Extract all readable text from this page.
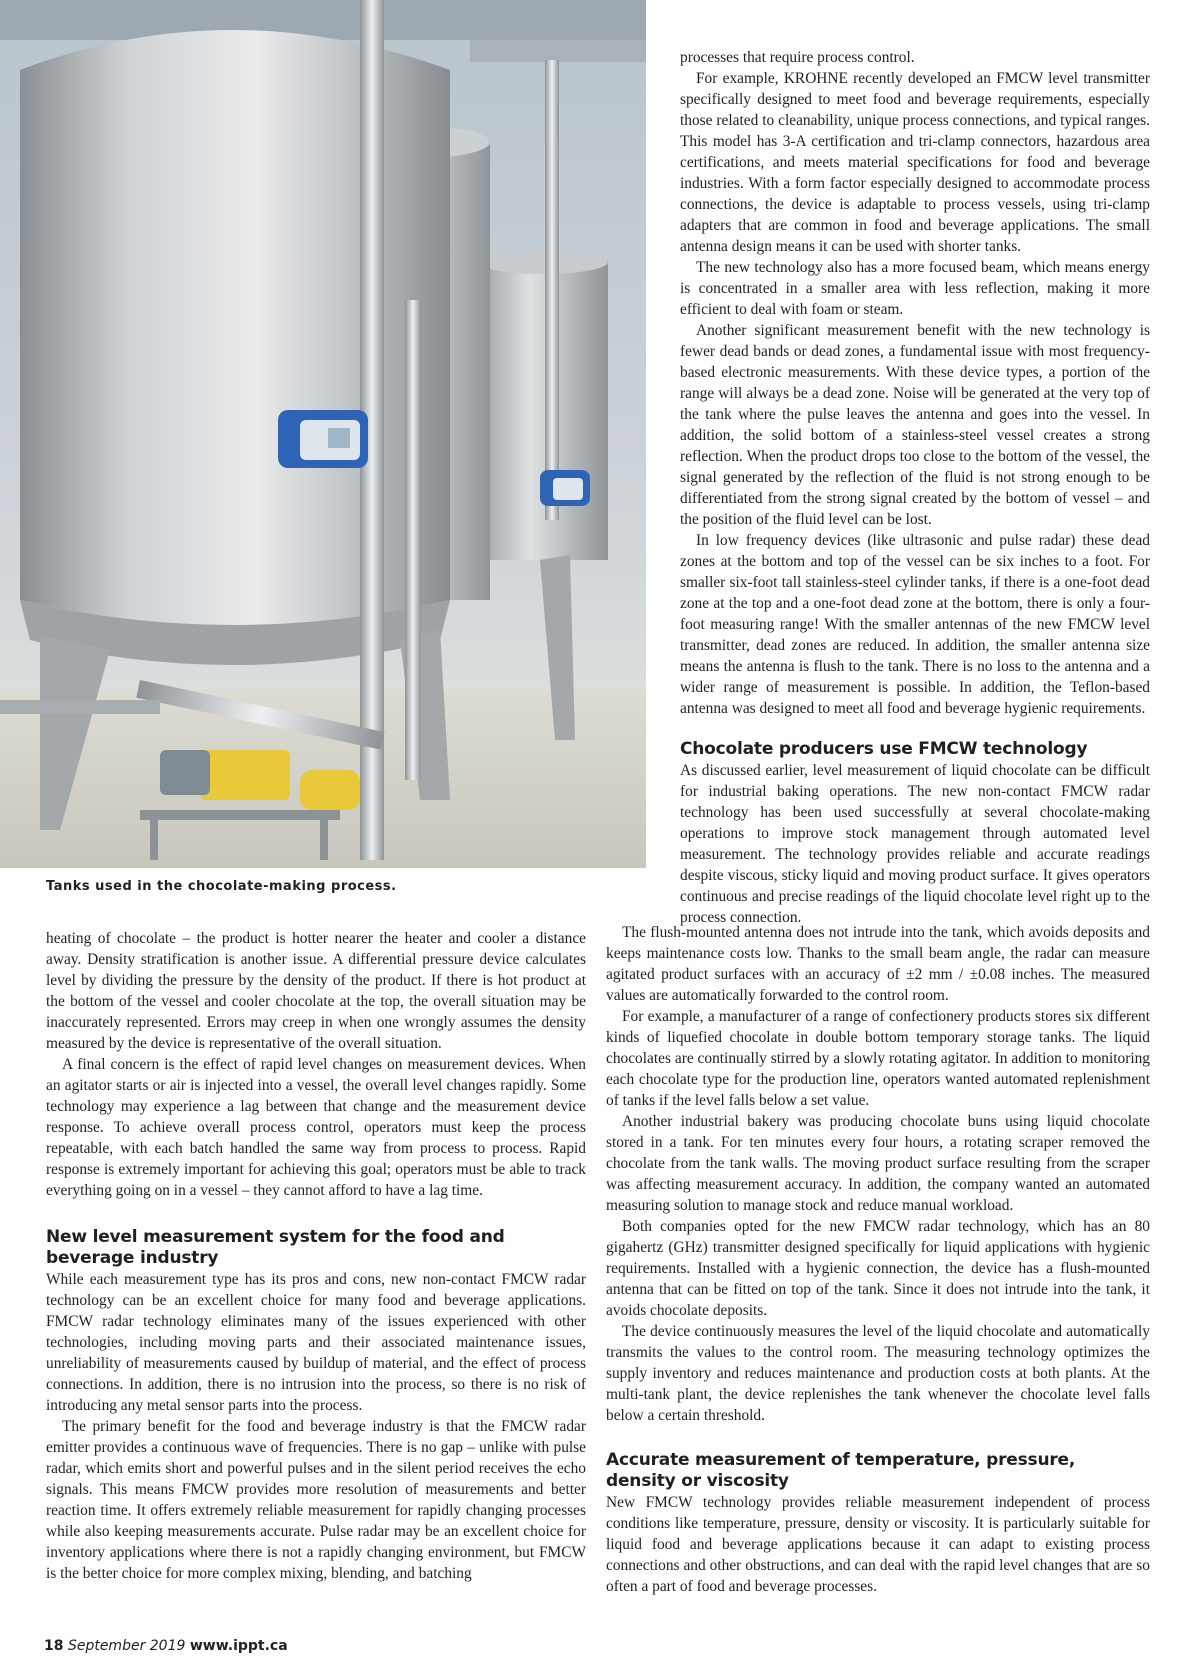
Tanks used in the chocolate-making process.

processes that require process control.

For example, KROHNE recently developed an FMCW level transmitter specifically designed to meet food and beverage requirements, especially those related to cleanability, unique process connections, and typical ranges. This model has 3-A certification and tri-clamp connectors, hazardous area certifications, and meets material specifications for food and beverage industries. With a form factor especially designed to accommodate process connections, the device is adaptable to process vessels, using tri-clamp adapters that are common in food and beverage applications. The small antenna design means it can be used with shorter tanks.

The new technology also has a more focused beam, which means energy is concentrated in a smaller area with less reflection, making it more efficient to deal with foam or steam.

Another significant measurement benefit with the new technology is fewer dead bands or dead zones, a fundamental issue with most frequency-based electronic measurements. With these device types, a portion of the range will always be a dead zone. Noise will be generated at the very top of the tank where the pulse leaves the antenna and goes into the vessel. In addition, the solid bottom of a stainless-steel vessel creates a strong reflection. When the product drops too close to the bottom of the vessel, the signal generated by the reflection of the fluid is not strong enough to be differentiated from the strong signal created by the bottom of vessel – and the position of the fluid level can be lost.

In low frequency devices (like ultrasonic and pulse radar) these dead zones at the bottom and top of the vessel can be six inches to a foot. For smaller six-foot tall stainless-steel cylinder tanks, if there is a one-foot dead zone at the top and a one-foot dead zone at the bottom, there is only a four-foot measuring range! With the smaller antennas of the new FMCW level transmitter, dead zones are reduced. In addition, the smaller antenna size means the antenna is flush to the tank. There is no loss to the antenna and a wider range of measurement is possible. In addition, the Teflon-based antenna was designed to meet all food and beverage hygienic requirements.

Chocolate producers use FMCW technology

As discussed earlier, level measurement of liquid chocolate can be difficult for industrial baking operations. The new non-contact FMCW radar technology has been used successfully at several chocolate-making operations to improve stock management through automated level measurement. The technology provides reliable and accurate readings despite viscous, sticky liquid and moving product surface. It gives operators continuous and precise readings of the liquid chocolate level right up to the process connection.

heating of chocolate – the product is hotter nearer the heater and cooler a distance away. Density stratification is another issue. A differential pressure device calculates level by dividing the pressure by the density of the product. If there is hot product at the bottom of the vessel and cooler chocolate at the top, the overall situation may be inaccurately represented. Errors may creep in when one wrongly assumes the density measured by the device is representative of the overall situation.

A final concern is the effect of rapid level changes on measurement devices. When an agitator starts or air is injected into a vessel, the overall level changes rapidly. Some technology may experience a lag between that change and the measurement device response. To achieve overall process control, operators must keep the process repeatable, with each batch handled the same way from process to process. Rapid response is extremely important for achieving this goal; operators must be able to track everything going on in a vessel – they cannot afford to have a lag time.

New level measurement system for the food and beverage industry

While each measurement type has its pros and cons, new non-contact FMCW radar technology can be an excellent choice for many food and beverage applications. FMCW radar technology eliminates many of the issues experienced with other technologies, including moving parts and their associated maintenance issues, unreliability of measurements caused by buildup of material, and the effect of process connections. In addition, there is no intrusion into the process, so there is no risk of introducing any metal sensor parts into the process.

The primary benefit for the food and beverage industry is that the FMCW radar emitter provides a continuous wave of frequencies. There is no gap – unlike with pulse radar, which emits short and powerful pulses and in the silent period receives the echo signals. This means FMCW provides more resolution of measurements and better reaction time. It offers extremely reliable measurement for rapidly changing processes while also keeping measurements accurate. Pulse radar may be an excellent choice for inventory applications where there is not a rapidly changing environment, but FMCW is the better choice for more complex mixing, blending, and batching

The flush-mounted antenna does not intrude into the tank, which avoids deposits and keeps maintenance costs low. Thanks to the small beam angle, the radar can measure agitated product surfaces with an accuracy of ±2 mm / ±0.08 inches. The measured values are automatically forwarded to the control room.

For example, a manufacturer of a range of confectionery products stores six different kinds of liquefied chocolate in double bottom temporary storage tanks. The liquid chocolates are continually stirred by a slowly rotating agitator. In addition to monitoring each chocolate type for the production line, operators wanted automated replenishment of tanks if the level falls below a set value.

Another industrial bakery was producing chocolate buns using liquid chocolate stored in a tank. For ten minutes every four hours, a rotating scraper removed the chocolate from the tank walls. The moving product surface resulting from the scraper was affecting measurement accuracy. In addition, the company wanted an automated measuring solution to manage stock and reduce manual workload.

Both companies opted for the new FMCW radar technology, which has an 80 gigahertz (GHz) transmitter designed specifically for liquid applications with hygienic requirements. Installed with a hygienic connection, the device has a flush-mounted antenna that can be fitted on top of the tank. Since it does not intrude into the tank, it avoids chocolate deposits.

The device continuously measures the level of the liquid chocolate and automatically transmits the values to the control room. The measuring technology optimizes the supply inventory and reduces maintenance and production costs at both plants. At the multi-tank plant, the device replenishes the tank whenever the chocolate level falls below a certain threshold.

Accurate measurement of temperature, pressure, density or viscosity

New FMCW technology provides reliable measurement independent of process conditions like temperature, pressure, density or viscosity. It is particularly suitable for liquid food and beverage applications because it can adapt to existing process connections and other obstructions, and can deal with the rapid level changes that are so often a part of food and beverage processes.

18 September 2019 www.ippt.ca
